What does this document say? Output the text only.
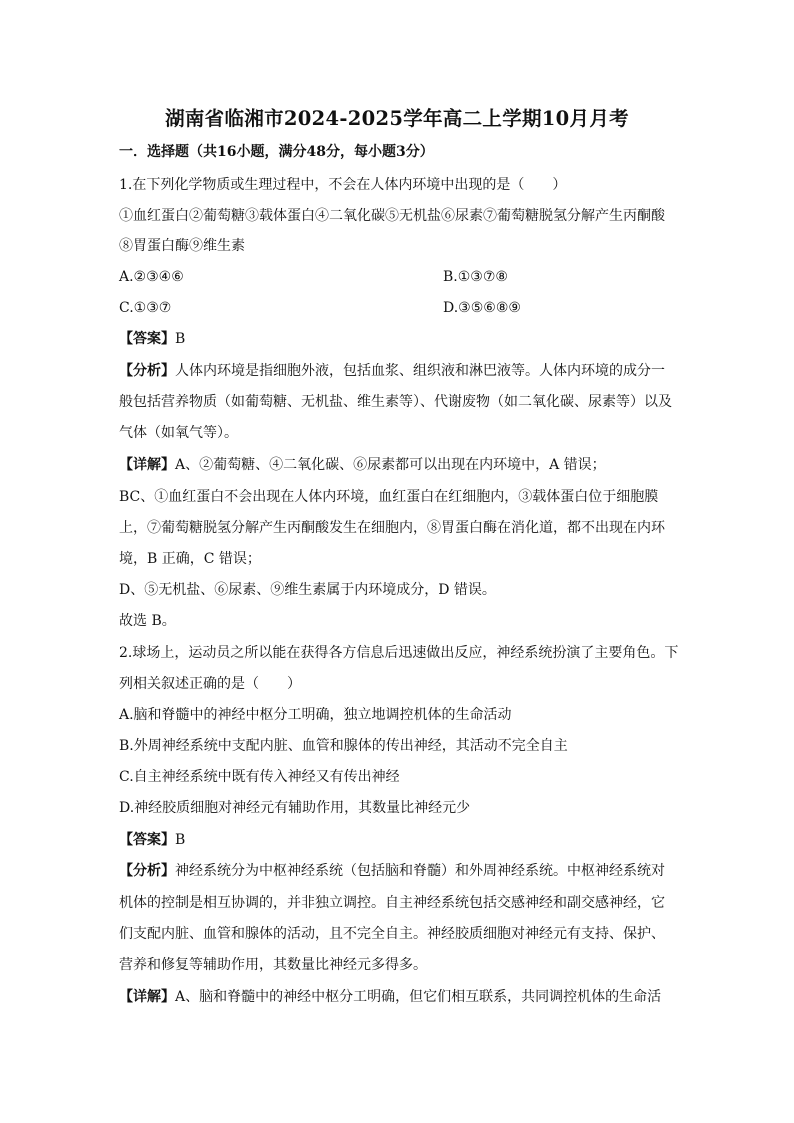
湖南省临湘市2024-2025学年高二上学期10月月考
一．选择题（共16小题，满分48分，每小题3分）
1.在下列化学物质或生理过程中，不会在人体内环境中出现的是（　　）
①血红蛋白②葡萄糖③载体蛋白④二氧化碳⑤无机盐⑥尿素⑦葡萄糖脱氢分解产生丙酮酸
⑧胃蛋白酶⑨维生素
A.②③④⑥	B.①③⑦⑧
C.①③⑦	D.③⑤⑥⑧⑨
【答案】B
【分析】人体内环境是指细胞外液，包括血浆、组织液和淋巴液等。人体内环境的成分一
般包括营养物质（如葡萄糖、无机盐、维生素等）、代谢废物（如二氧化碳、尿素等）以及
气体（如氧气等）。
【详解】A、②葡萄糖、④二氧化碳、⑥尿素都可以出现在内环境中，A 错误；
BC、①血红蛋白不会出现在人体内环境，血红蛋白在红细胞内，③载体蛋白位于细胞膜
上，⑦葡萄糖脱氢分解产生丙酮酸发生在细胞内，⑧胃蛋白酶在消化道，都不出现在内环
境，B 正确，C 错误；
D、⑤无机盐、⑥尿素、⑨维生素属于内环境成分，D 错误。
故选 B。
2.球场上，运动员之所以能在获得各方信息后迅速做出反应，神经系统扮演了主要角色。下
列相关叙述正确的是（　　）
A.脑和脊髓中的神经中枢分工明确，独立地调控机体的生命活动
B.外周神经系统中支配内脏、血管和腺体的传出神经，其活动不完全自主
C.自主神经系统中既有传入神经又有传出神经
D.神经胶质细胞对神经元有辅助作用，其数量比神经元少
【答案】B
【分析】神经系统分为中枢神经系统（包括脑和脊髓）和外周神经系统。中枢神经系统对
机体的控制是相互协调的，并非独立调控。自主神经系统包括交感神经和副交感神经，它
们支配内脏、血管和腺体的活动，且不完全自主。神经胶质细胞对神经元有支持、保护、
营养和修复等辅助作用，其数量比神经元多得多。
【详解】A、脑和脊髓中的神经中枢分工明确，但它们相互联系，共同调控机体的生命活
